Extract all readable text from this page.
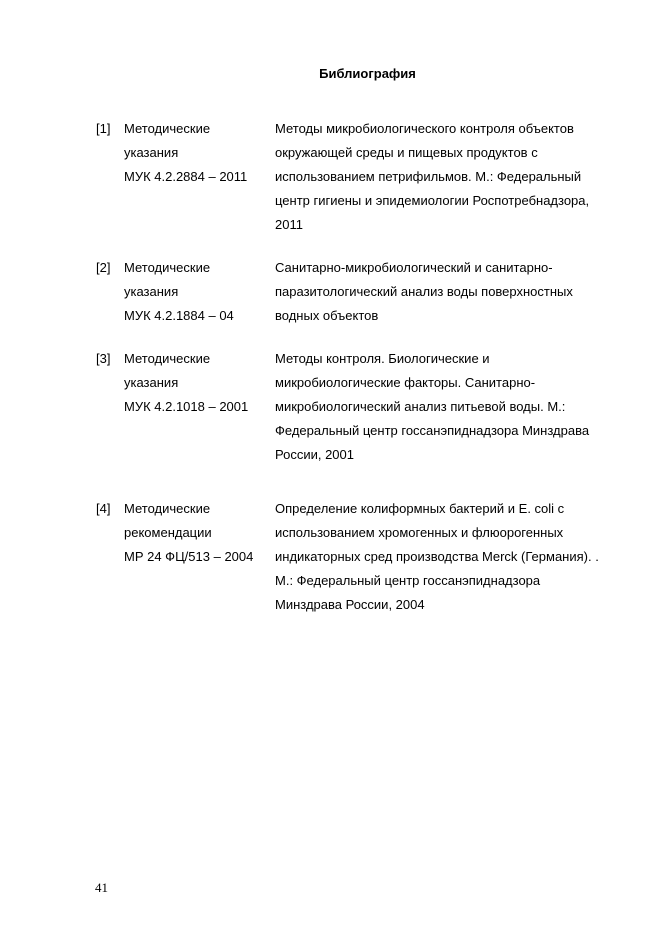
Библиография
[1] Методические
указания
МУК 4.2.2884 – 2011
Методы микробиологического контроля объектов
окружающей среды и пищевых продуктов с
использованием петрифильмов. М.: Федеральный
центр гигиены и эпидемиологии Роспотребнадзора,
2011
[2] Методические
указания
МУК 4.2.1884 – 04
Санитарно-микробиологический и санитарно-
паразитологический анализ воды поверхностных
водных объектов
[3] Методические
указания
МУК 4.2.1018 – 2001
Методы контроля. Биологические и
микробиологические факторы. Санитарно-
микробиологический анализ питьевой воды. М.:
Федеральный центр госсанэпиднадзора Минздрава
России, 2001
[4] Методические
рекомендации
МР 24 ФЦ/513 – 2004
Определение колиформных бактерий и E. coli с
использованием хромогенных и флюорогенных
индикаторных сред производства Merck (Германия). .
М.: Федеральный центр госсанэпиднадзора
Минздрава России, 2004
41
